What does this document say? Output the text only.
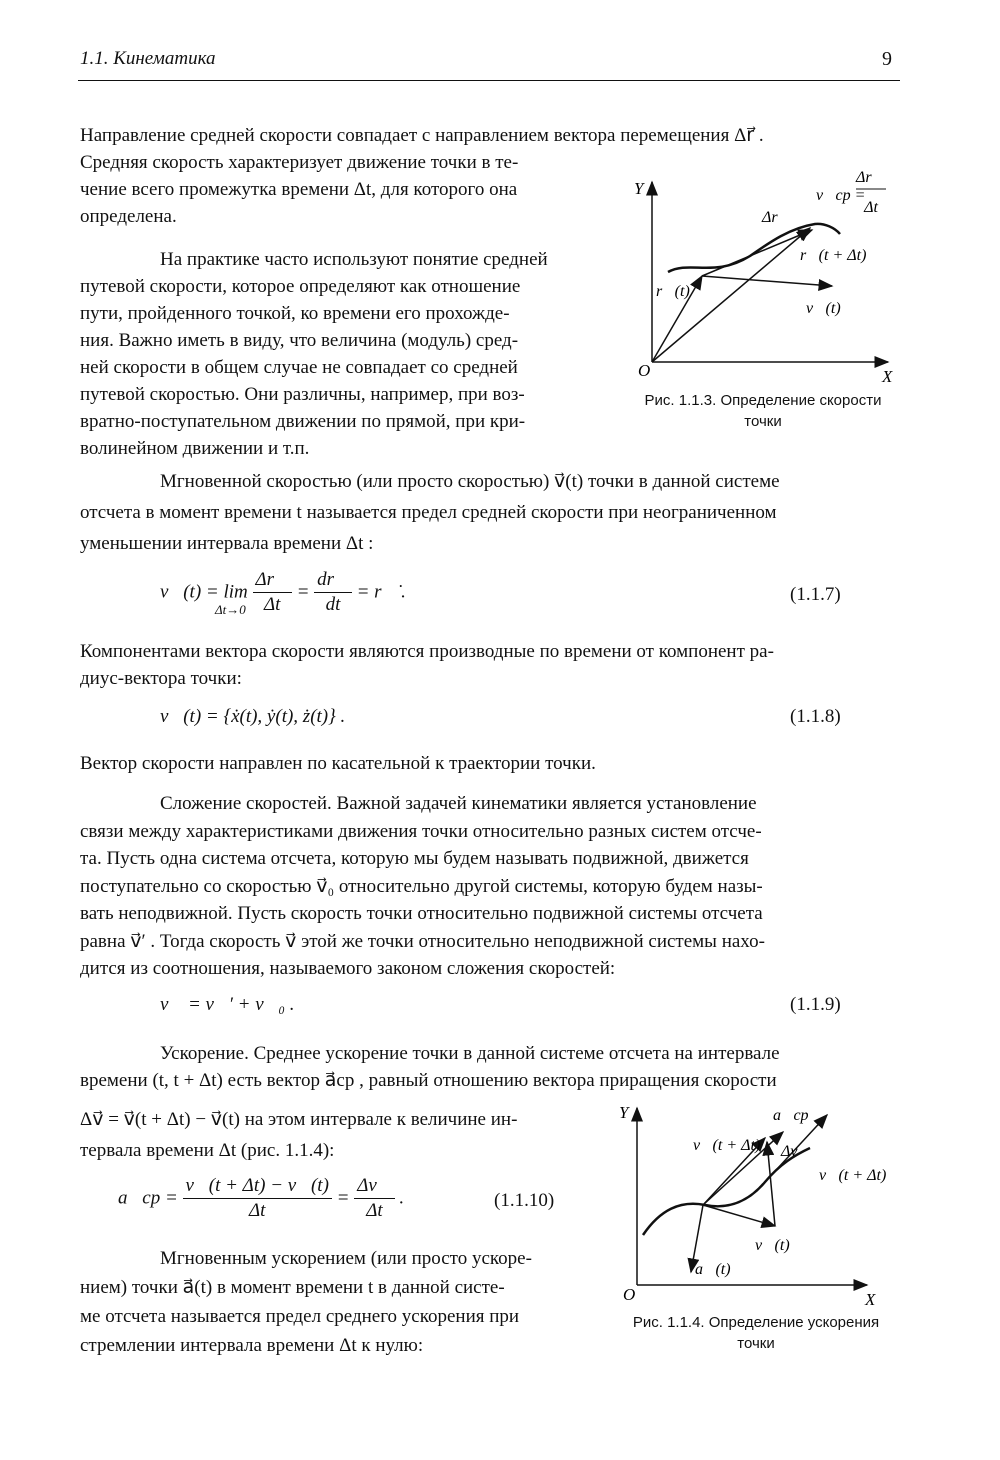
1.1. Кинематика	9
Направление средней скорости совпадает с направлением вектора перемещения Δr⃗ .
Средняя скорость характеризует движение точки в те-
чение всего промежутка времени Δt, для которого она
определена.
На практике часто используют понятие средней
путевой скорости, которое определяют как отношение
пути, пройденного точкой, ко времени его прохожде-
ния. Важно иметь в виду, что величина (модуль) сред-
ней скорости в общем случае не совпадает со средней
путевой скоростью. Они различны, например, при воз-
вратно-поступательном движении по прямой, при кри-
волинейном движении и т.п.
Y
X
O
v⃗ср =
Δr⃗
Δt
Δr⃗
r⃗(t)
r⃗(t + Δt)
v⃗(t)
Рис. 1.1.3. Определение скорости
точки
Мгновенной скоростью (или просто скоростью) v⃗(t) точки в данной системе
отсчета в момент времени t называется предел средней скорости при неограниченном
уменьшении интервала времени Δt :
v⃗(t) = $\lim \frac{\Delta r⃗}{\Delta t} = \frac{dr⃗}{dt}$ = r⃗̇ .
Δt→0
(1.1.7)
Компонентами вектора скорости являются производные по времени от компонент ра-
диус-вектора точки:
v⃗(t) = {ẋ(t), ẏ(t), ż(t)} .	(1.1.8)
Вектор скорости направлен по касательной к траектории точки.
Сложение скоростей. Важной задачей кинематики является установление
связи между характеристиками движения точки относительно разных систем отсче-
та. Пусть одна система отсчета, которую мы будем называть подвижной, движется
поступательно со скоростью v⃗₀ относительно другой системы, которую будем назы-
вать неподвижной. Пусть скорость точки относительно подвижной системы отсчета
равна v⃗′ . Тогда скорость v⃗ этой же точки относительно неподвижной системы нахо-
дится из соотношения, называемого законом сложения скоростей:
v⃗ = v⃗′ + v⃗₀ .	(1.1.9)
Ускорение. Среднее ускорение точки в данной системе отсчета на интервале
времени (t, t + Δt) есть вектор a⃗ср , равный отношению вектора приращения скорости
Δv⃗ = v⃗(t + Δt) − v⃗(t) на этом интервале к величине ин-
тервала времени Δt (рис. 1.1.4):
a⃗ср = $\frac{v⃗(t + \Delta t) - v⃗(t)}{\Delta t} = \frac{\Delta v⃗}{\Delta t}$ .	(1.1.10)
Мгновенным ускорением (или просто ускоре-
нием) точки a⃗(t) в момент времени t в данной систе-
ме отсчета называется предел среднего ускорения при
стремлении интервала времени Δt к нулю:
Y
X
O
a⃗ср
v⃗(t + Δt) Δv⃗
v⃗(t + Δt)
v⃗(t)
a⃗(t)
Рис. 1.1.4. Определение ускорения
точки
